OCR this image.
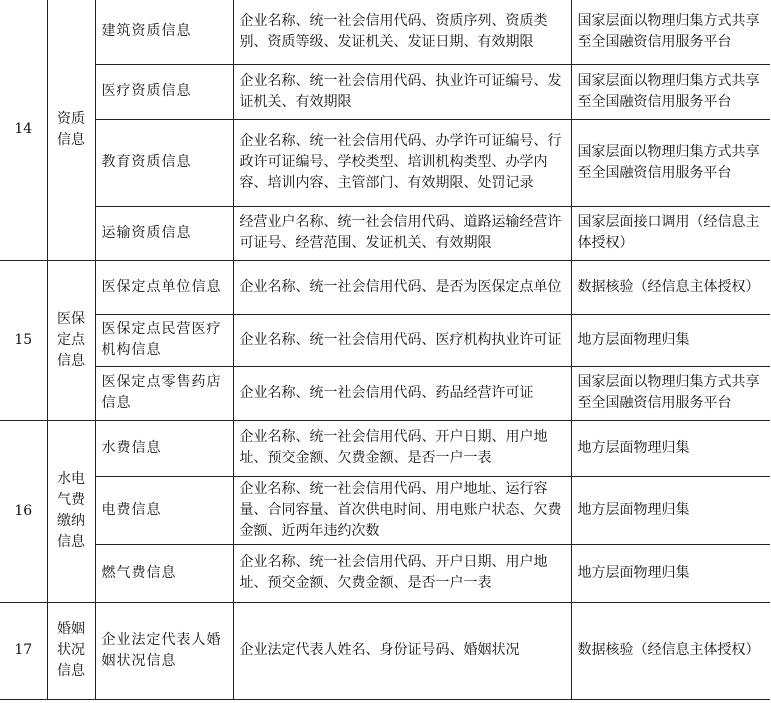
14	资质信息	建筑资质信息	企业名称、统一社会信用代码、资质序列、资质类别、资质等级、发证机关、发证日期、有效期限	国家层面以物理归集方式共享至全国融资信用服务平台
		医疗资质信息	企业名称、统一社会信用代码、执业许可证编号、发证机关、有效期限	国家层面以物理归集方式共享至全国融资信用服务平台
		教育资质信息	企业名称、统一社会信用代码、办学许可证编号、行政许可证编号、学校类型、培训机构类型、办学内容、培训内容、主管部门、有效期限、处罚记录	国家层面以物理归集方式共享至全国融资信用服务平台
		运输资质信息	经营业户名称、统一社会信用代码、道路运输经营许可证号、经营范围、发证机关、有效期限	国家层面接口调用（经信息主体授权）
15	医保定点信息	医保定点单位信息	企业名称、统一社会信用代码、是否为医保定点单位	数据核验（经信息主体授权）
		医保定点民营医疗机构信息	企业名称、统一社会信用代码、医疗机构执业许可证	地方层面物理归集
		医保定点零售药店信息	企业名称、统一社会信用代码、药品经营许可证	国家层面以物理归集方式共享至全国融资信用服务平台
16	水电气费缴纳信息	水费信息	企业名称、统一社会信用代码、开户日期、用户地址、预交金额、欠费金额、是否一户一表	地方层面物理归集
		电费信息	企业名称、统一社会信用代码、用户地址、运行容量、合同容量、首次供电时间、用电账户状态、欠费金额、近两年违约次数	地方层面物理归集
		燃气费信息	企业名称、统一社会信用代码、开户日期、用户地址、预交金额、欠费金额、是否一户一表	地方层面物理归集
17	婚姻状况信息	企业法定代表人婚姻状况信息	企业法定代表人姓名、身份证号码、婚姻状况	数据核验（经信息主体授权）
